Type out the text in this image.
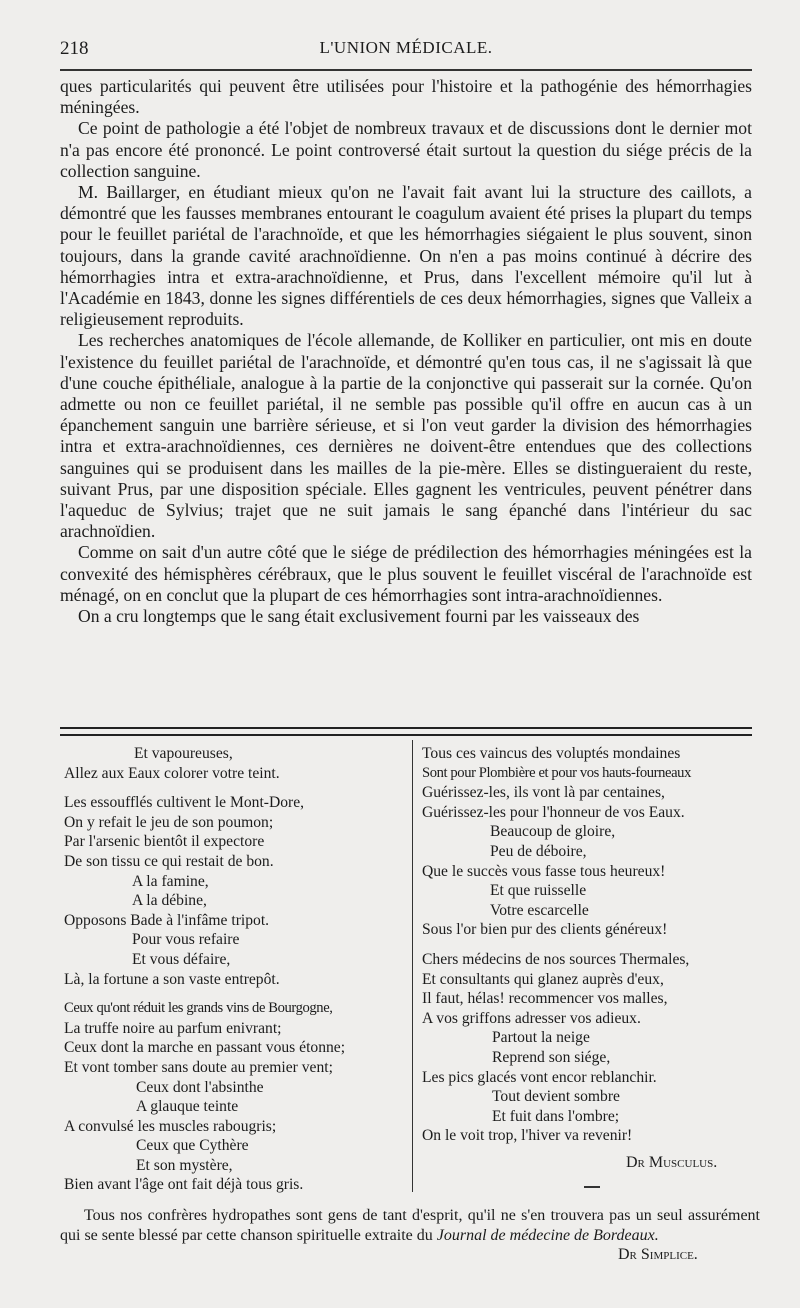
218	L'UNION MÉDICALE.

ques particularités qui peuvent être utilisées pour l'histoire et la pathogénie des hémorrhagies méningées.

Ce point de pathologie a été l'objet de nombreux travaux et de discussions dont le dernier mot n'a pas encore été prononcé. Le point controversé était surtout la question du siége précis de la collection sanguine.

M. Baillarger, en étudiant mieux qu'on ne l'avait fait avant lui la structure des caillots, a démontré que les fausses membranes entourant le coagulum avaient été prises la plupart du temps pour le feuillet pariétal de l'arachnoïde, et que les hémorrhagies siégaient le plus souvent, sinon toujours, dans la grande cavité arachnoïdienne. On n'en a pas moins continué à décrire des hémorrhagies intra et extra-arachnoïdienne, et Prus, dans l'excellent mémoire qu'il lut à l'Académie en 1843, donne les signes différentiels de ces deux hémorrhagies, signes que Valleix a religieusement reproduits.

Les recherches anatomiques de l'école allemande, de Kolliker en particulier, ont mis en doute l'existence du feuillet pariétal de l'arachnoïde, et démontré qu'en tous cas, il ne s'agissait là que d'une couche épithéliale, analogue à la partie de la conjonctive qui passerait sur la cornée. Qu'on admette ou non ce feuillet pariétal, il ne semble pas possible qu'il offre en aucun cas à un épanchement sanguin une barrière sérieuse, et si l'on veut garder la division des hémorrhagies intra et extra-arachnoïdiennes, ces dernières ne doivent-être entendues que des collections sanguines qui se produisent dans les mailles de la pie-mère. Elles se distingueraient du reste, suivant Prus, par une disposition spéciale. Elles gagnent les ventricules, peuvent pénétrer dans l'aqueduc de Sylvius; trajet que ne suit jamais le sang épanché dans l'intérieur du sac arachnoïdien.

Comme on sait d'un autre côté que le siége de prédilection des hémorrhagies méningées est la convexité des hémisphères cérébraux, que le plus souvent le feuillet viscéral de l'arachnoïde est ménagé, on en conclut que la plupart de ces hémorrhagies sont intra-arachnoïdiennes.

On a cru longtemps que le sang était exclusivement fourni par les vaisseaux des

Et vapoureuses,
Allez aux Eaux colorer votre teint.
Les essoufflés cultivent le Mont-Dore,
On y refait le jeu de son poumon;
Par l'arsenic bientôt il expectore
De son tissu ce qui restait de bon.
A la famine,
A la débine,
Opposons Bade à l'infâme tripot.
Pour vous refaire
Et vous défaire,
Là, la fortune a son vaste entrepôt.
Ceux qu'ont réduit les grands vins de Bourgogne,
La truffe noire au parfum enivrant;
Ceux dont la marche en passant vous étonne;
Et vont tomber sans doute au premier vent;
Ceux dont l'absinthe
A glauque teinte
A convulsé les muscles rabougris;
Ceux que Cythère
Et son mystère,
Bien avant l'âge ont fait déjà tous gris.
Tous ces vaincus des voluptés mondaines
Sont pour Plombière et pour vos hauts-fourneaux
Guérissez-les, ils vont là par centaines,
Guérissez-les pour l'honneur de vos Eaux.
Beaucoup de gloire,
Peu de déboire,
Que le succès vous fasse tous heureux!
Et que ruisselle
Votre escarcelle
Sous l'or bien pur des clients généreux!
Chers médecins de nos sources Thermales,
Et consultants qui glanez auprès d'eux,
Il faut, hélas! recommencer vos malles,
A vos griffons adresser vos adieux.
Partout la neige
Reprend son siége,
Les pics glacés vont encor reblanchir.
Tout devient sombre
Et fuit dans l'ombre;
On le voit trop, l'hiver va revenir!
Dr Musculus.

Tous nos confrères hydropathes sont gens de tant d'esprit, qu'il ne s'en trouvera pas un seul assurément qui se sente blessé par cette chanson spirituelle extraite du Journal de médecine de Bordeaux.

Dr Simplice.
